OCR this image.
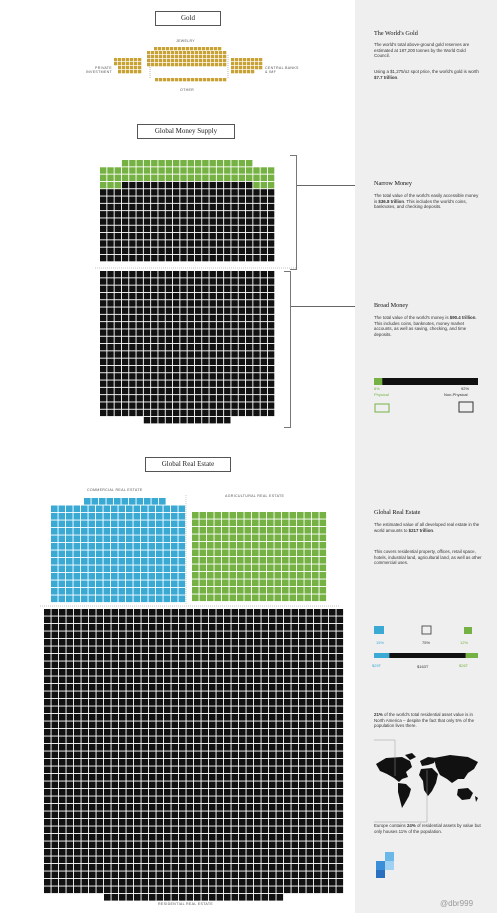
Gold
JEWELRY
PRIVATE INVESTMENT
CENTRAL BANKS & IMF
OTHER
Global Money Supply
Global Real Estate
COMMERCIAL REAL ESTATE
AGRICULTURAL REAL ESTATE
RESIDENTIAL REAL ESTATE
The World's Gold

The world's total above-ground gold reserves are estimated at 187,200 tonnes by the World Gold Council.

Using a $1,275/oz spot price, the world's gold is worth $7.7 trillion.

Narrow Money

The total value of the world's easily accessible money is $36.8 trillion. This includes the world's coins, banknotes, and checking deposits.

Broad Money

The total value of the world's money is $90.4 trillion. This includes coins, banknotes, money market accounts, as well as saving, checking, and time deposits.

8%
Physical
92%
Non-Physical
Global Real Estate

The estimated value of all developed real estate in the world amounts to $217 trillion.

This covers residential property, offices, retail space, hotels, industrial land, agricultural land, as well as other commercial uses.

15%	75%	12%
$29T	$163T	$26T

21% of the world's total residential asset value is in North America – despite the fact that only 5% of the population lives there.

Europe contains 24% of residential assets by value but only houses 11% of the population.

@dbr999
